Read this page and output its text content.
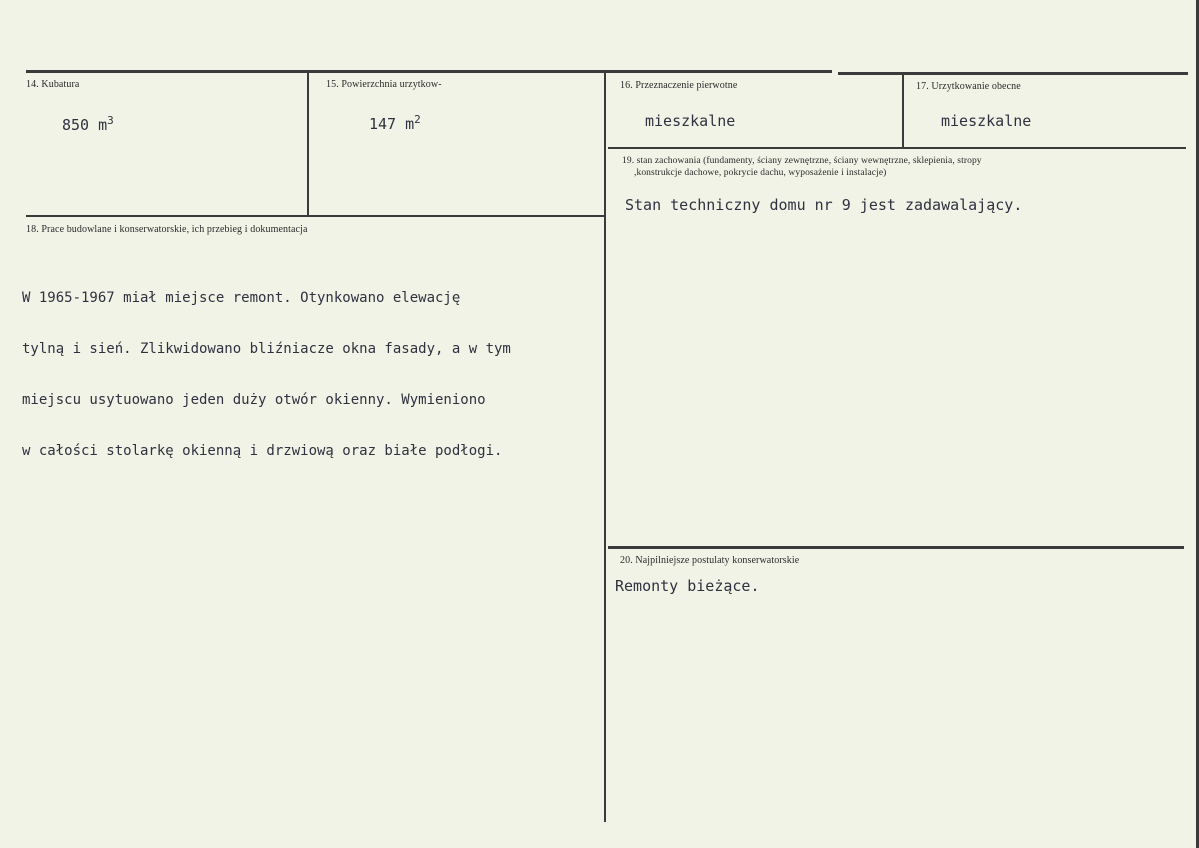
14. Kubatura
850 $m^3$
15. Powierzchnia urzytkow-
147 $m^2$
16. Przeznaczenie pierwotne
mieszkalne
17. Urzytkowanie obecne
mieszkalne
18. Prace budowlane i konserwatorskie, ich przebieg i dokumentacja

W 1965-1967 miał miejsce remont. Otynkowano elewację

tylną i sień. Zlikwidowano bliźniacze okna fasady, a w tym

miejscu usytuowano jeden duży otwór okienny. Wymieniono

w całości stolarkę okienną i drzwiową oraz białe podłogi.

19. stan zachowania (fundamenty, ściany zewnętrzne, ściany wewnętrzne, sklepienia, stropy
,konstrukcje dachowe, pokrycie dachu, wyposażenie i instalacje)
Stan techniczny domu nr 9 jest zadawalający.
20. Najpilniejsze postulaty konserwatorskie
Remonty bieżące.
